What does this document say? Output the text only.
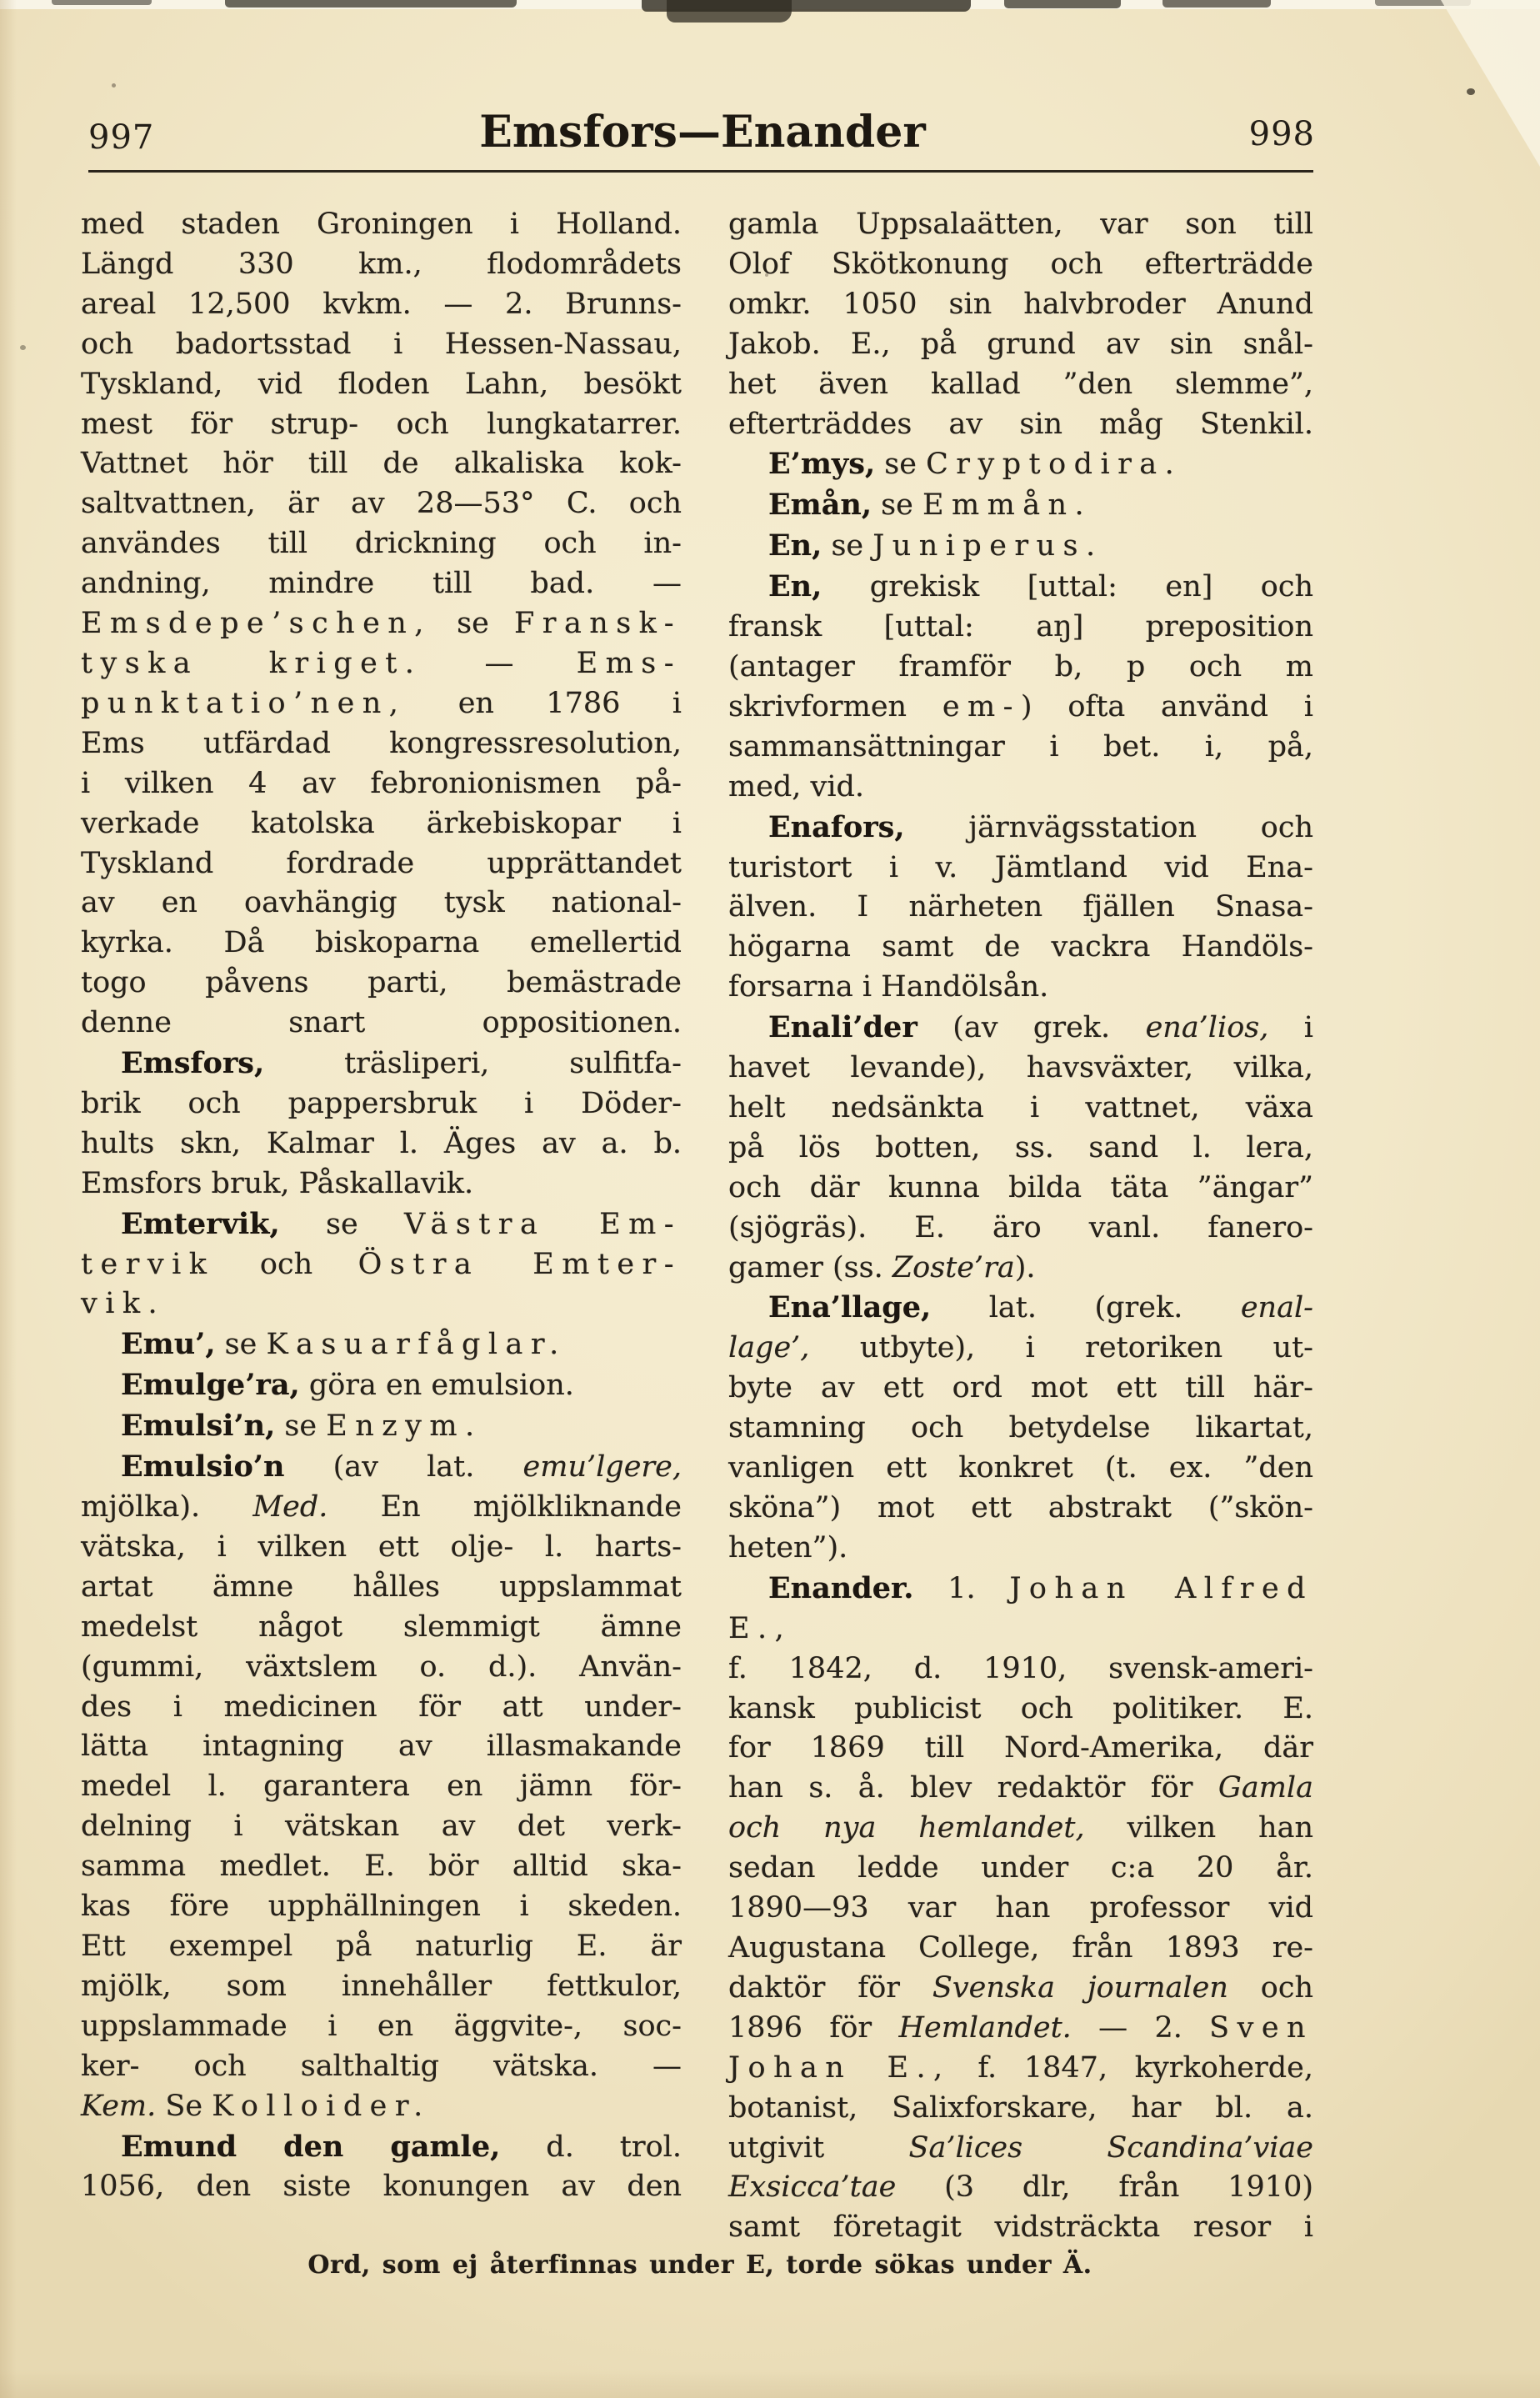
997	Emsfors—Enander	998
med staden Groningen i Holland.
Längd 330 km., flodområdets
areal 12,500 kvkm. — 2. Brunns-
och badortsstad i Hessen-Nassau,
Tyskland, vid floden Lahn, besökt
mest för strup- och lungkatarrer.
Vattnet hör till de alkaliska kok-
saltvattnen, är av 28—53° C. och
användes till drickning och in-
andning, mindre till bad. —
Emsdepe’schen, se Fransk-
tyska kriget. — Ems-
punktatio’nen, en 1786 i
Ems utfärdad kongressresolution,
i vilken 4 av febronionismen på-
verkade katolska ärkebiskopar i
Tyskland fordrade upprättandet
av en oavhängig tysk national-
kyrka. Då biskoparna emellertid
togo påvens parti, bemästrade
denne snart oppositionen.
Emsfors, träsliperi, sulfitfa-
brik och pappersbruk i Döder-
hults skn, Kalmar l. Äges av a. b.
Emsfors bruk, Påskallavik.
Emtervik, se Västra Em-
tervik och Östra Emter-
vik.
Emu’, se Kasuarfåglar.
Emulge’ra, göra en emulsion.
Emulsi’n, se Enzym.
Emulsio’n (av lat. emu’lgere,
mjölka). Med. En mjölkliknande
vätska, i vilken ett olje- l. harts-
artat ämne hålles uppslammat
medelst något slemmigt ämne
(gummi, växtslem o. d.). Använ-
des i medicinen för att under-
lätta intagning av illasmakande
medel l. garantera en jämn för-
delning i vätskan av det verk-
samma medlet. E. bör alltid ska-
kas före upphällningen i skeden.
Ett exempel på naturlig E. är
mjölk, som innehåller fettkulor,
uppslammade i en äggvite-, soc-
ker- och salthaltig vätska. —
Kem. Se Kolloider.
Emund den gamle, d. trol.
1056, den siste konungen av den
gamla Uppsalaätten, var son till
Olof Skötkonung och efterträdde
omkr. 1050 sin halvbroder Anund
Jakob. E., på grund av sin snål-
het även kallad ”den slemme”,
efterträddes av sin måg Stenkil.
E’mys, se Cryptodira.
Emån, se Emmån.
En, se Juniperus.
En, grekisk [uttal: en] och
fransk [uttal: aŋ] preposition
(antager framför b, p och m
skrivformen em-) ofta använd i
sammansättningar i bet. i, på,
med, vid.
Enafors, järnvägsstation och
turistort i v. Jämtland vid Ena-
älven. I närheten fjällen Snasa-
högarna samt de vackra Handöls-
forsarna i Handölsån.
Enali’der (av grek. ena’lios, i
havet levande), havsväxter, vilka,
helt nedsänkta i vattnet, växa
på lös botten, ss. sand l. lera,
och där kunna bilda täta ”ängar”
(sjögräs). E. äro vanl. fanero-
gamer (ss. Zoste’ra).
Ena’llage, lat. (grek. enal-
lage’, utbyte), i retoriken ut-
byte av ett ord mot ett till här-
stamning och betydelse likartat,
vanligen ett konkret (t. ex. ”den
sköna”) mot ett abstrakt (”skön-
heten”).
Enander. 1. Johan Alfred E.,
f. 1842, d. 1910, svensk-ameri-
kansk publicist och politiker. E.
for 1869 till Nord-Amerika, där
han s. å. blev redaktör för Gamla
och nya hemlandet, vilken han
sedan ledde under c:a 20 år.
1890—93 var han professor vid
Augustana College, från 1893 re-
daktör för Svenska journalen och
1896 för Hemlandet. — 2. Sven
Johan E., f. 1847, kyrkoherde,
botanist, Salixforskare, har bl. a.
utgivit Sa’lices Scandina’viae
Exsicca’tae (3 dlr, från 1910)
samt företagit vidsträckta resor i
Ord, som ej återfinnas under E, torde sökas under Ä.
